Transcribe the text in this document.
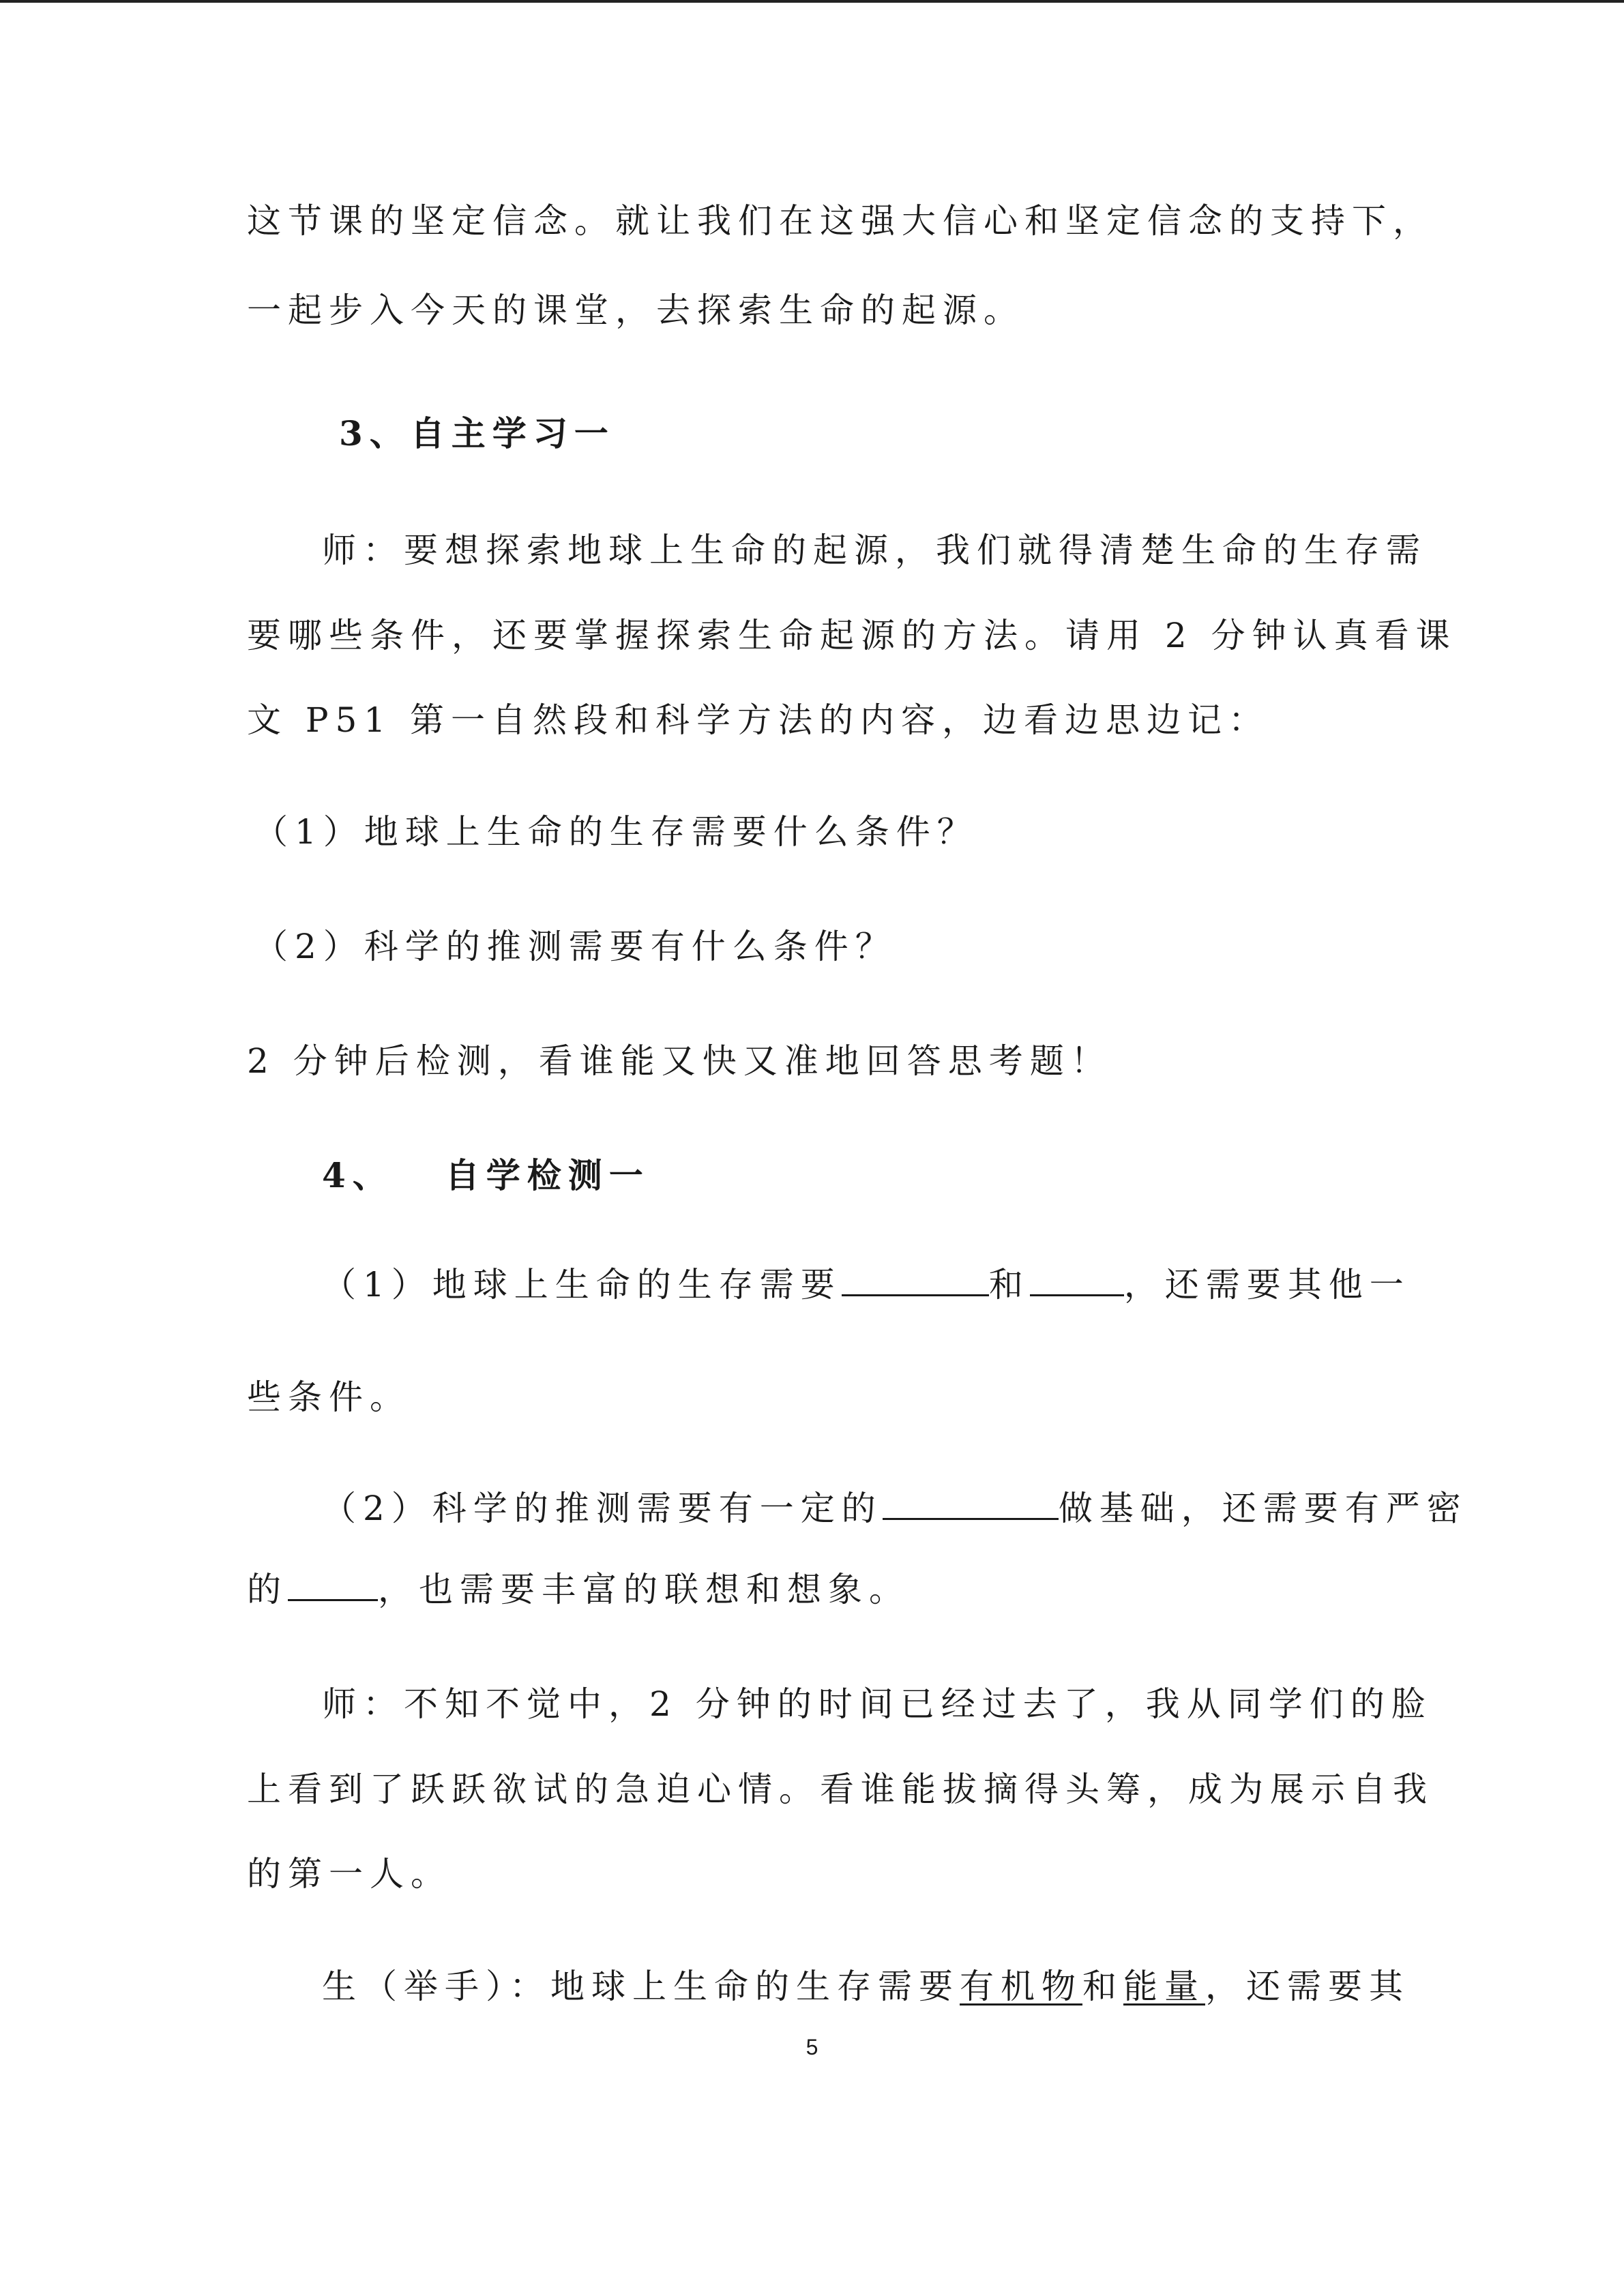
这节课的坚定信念。就让我们在这强大信心和坚定信念的支持下，
一起步入今天的课堂，去探索生命的起源。
3、自主学习一
师：要想探索地球上生命的起源，我们就得清楚生命的生存需
要哪些条件，还要掌握探索生命起源的方法。请用 2 分钟认真看课
文 P51 第一自然段和科学方法的内容，边看边思边记：
（1）地球上生命的生存需要什么条件？
（2）科学的推测需要有什么条件？
2 分钟后检测，看谁能又快又准地回答思考题！
4、 自学检测一
（1）地球上生命的生存需要	和	，还需要其他一
些条件。
（2）科学的推测需要有一定的	做基础，还需要有严密
的	，也需要丰富的联想和想象。
师：不知不觉中，2 分钟的时间已经过去了，我从同学们的脸
上看到了跃跃欲试的急迫心情。看谁能拔摘得头筹，成为展示自我
的第一人。
生（举手）：地球上生命的生存需要有机物和能量，还需要其
5
